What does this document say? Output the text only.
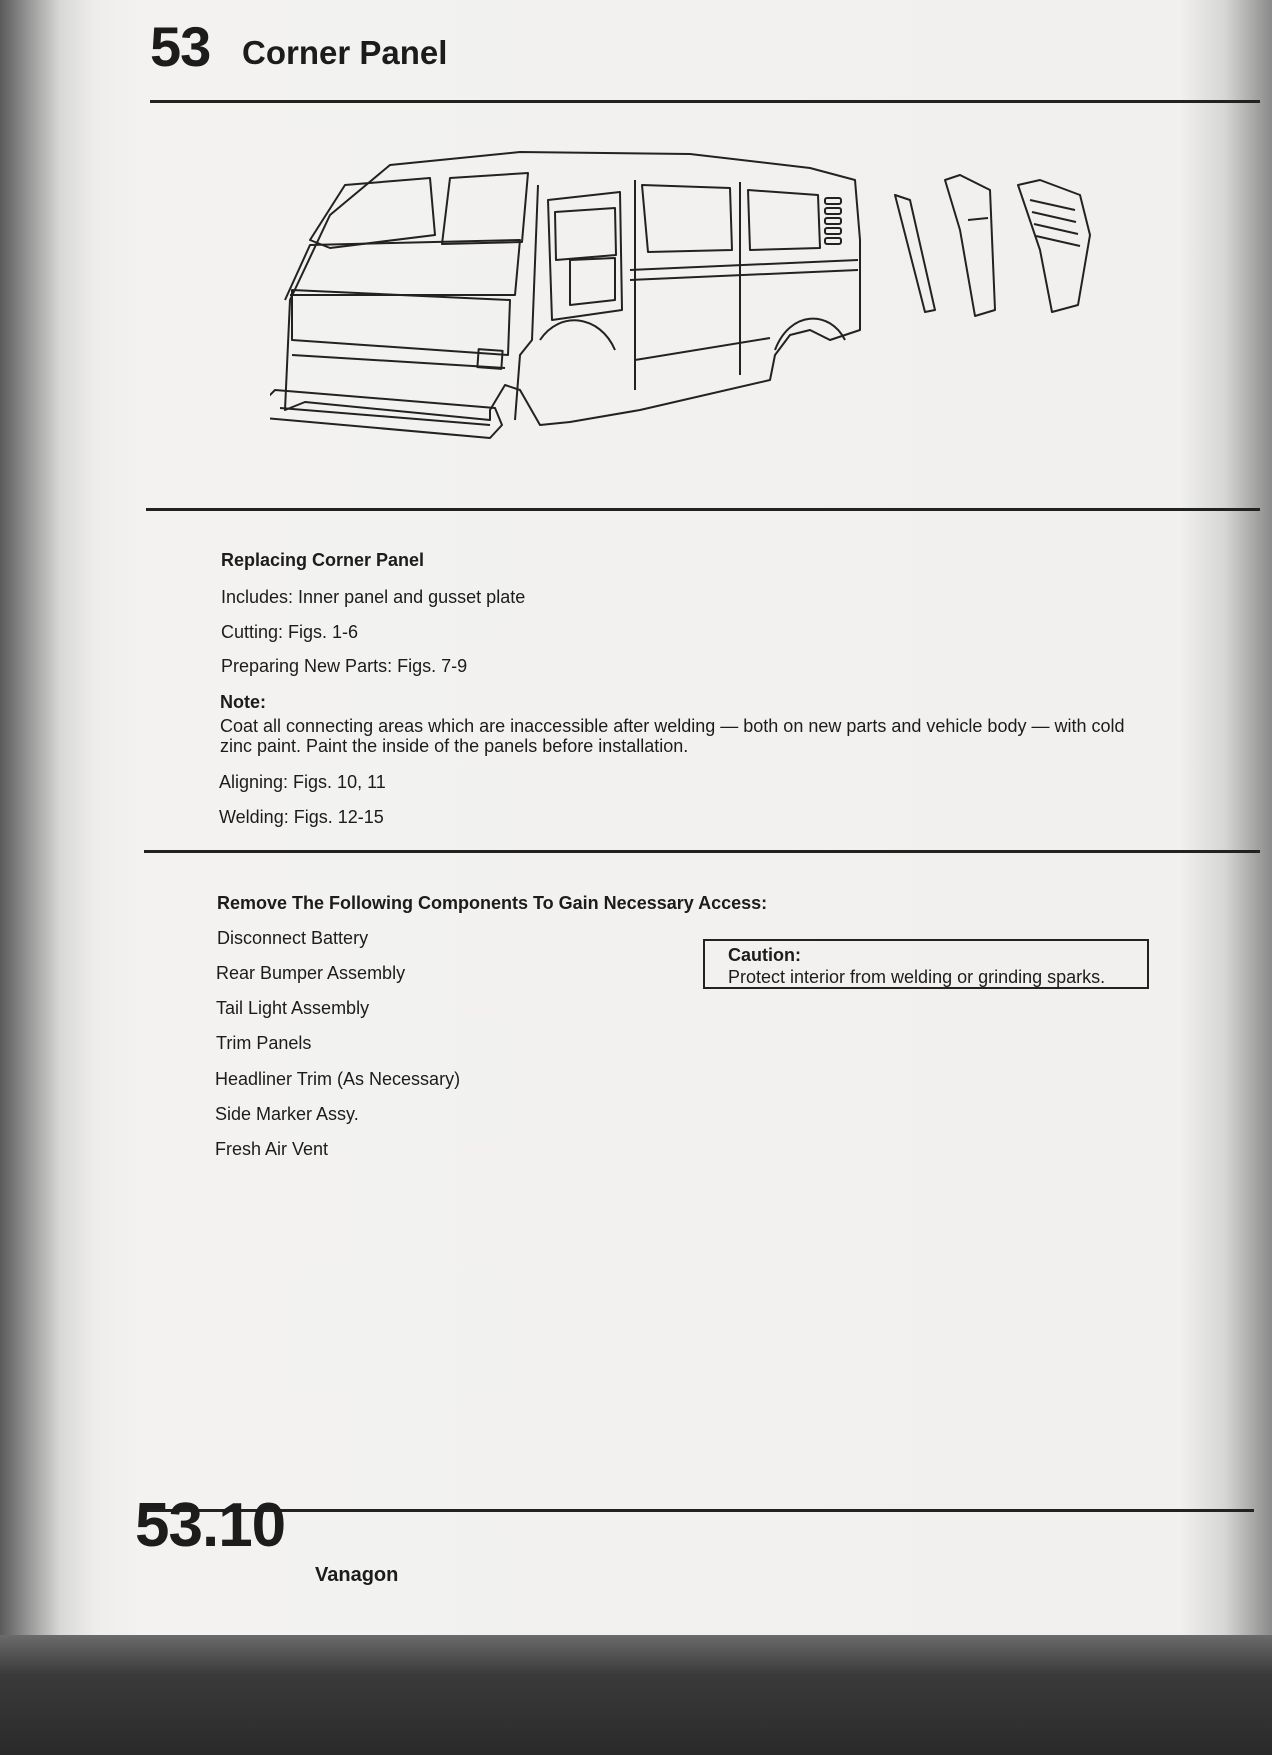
53 Corner Panel
Replacing Corner Panel
Includes: Inner panel and gusset plate
Cutting: Figs. 1-6
Preparing New Parts: Figs. 7-9
Note:
Coat all connecting areas which are inaccessible after welding — both on new parts and vehicle body — with cold zinc paint. Paint the inside of the panels before installation.
Aligning: Figs. 10, 11
Welding: Figs. 12-15
Remove The Following Components To Gain Necessary Access:
Disconnect Battery
Rear Bumper Assembly
Tail Light Assembly
Trim Panels
Headliner Trim (As Necessary)
Side Marker Assy.
Fresh Air Vent
Caution:
Protect interior from welding or grinding sparks.
53.10
Vanagon
